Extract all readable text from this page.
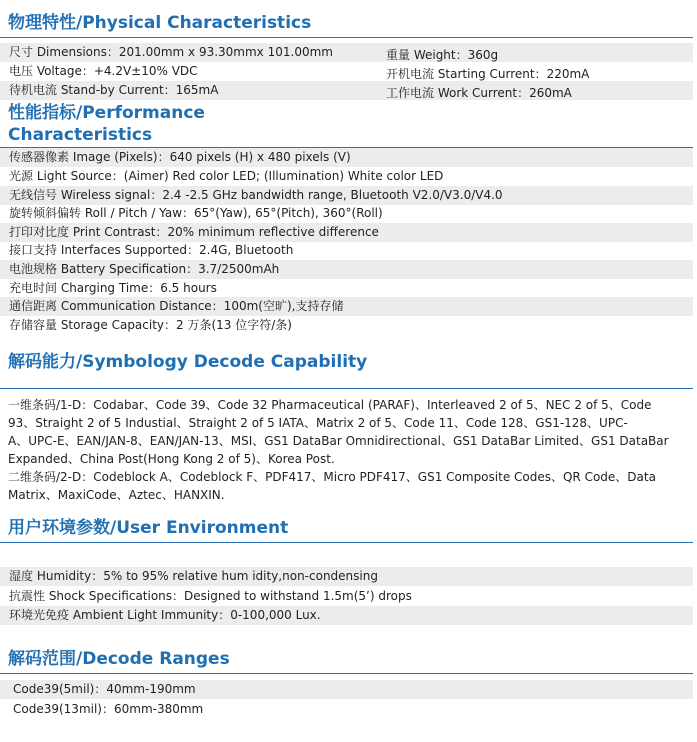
物理特性/Physical Characteristics
尺寸 Dimensions：201.00mm x 93.30mmx 101.00mm
电压 Voltage：+4.2V±10% VDC
待机电流 Stand-by Current：165mA
重量 Weight：360g
开机电流 Starting Current：220mA
工作电流 Work Current：260mA
性能指标/Performance
Characteristics
传感器像素 Image (Pixels)：640 pixels (H) x 480 pixels (V)
光源 Light Source：(Aimer) Red color LED; (Illumination) White color LED
无线信号 Wireless signal：2.4 -2.5 GHz bandwidth range, Bluetooth V2.0/V3.0/V4.0
旋转倾斜偏转 Roll / Pitch / Yaw：65°(Yaw), 65°(Pitch), 360°(Roll)
打印对比度 Print Contrast：20% minimum reflective difference
接口支持 Interfaces Supported：2.4G, Bluetooth
电池规格 Battery Specification：3.7/2500mAh
充电时间 Charging Time：6.5 hours
通信距离 Communication Distance：100m(空旷),支持存储
存储容量 Storage Capacity：2 万条(13 位字符/条)
解码能力/Symbology Decode Capability
一维条码/1-D：Codabar、Code 39、Code 32 Pharmaceutical (PARAF)、Interleaved 2 of 5、NEC 2 of 5、Code
93、Straight 2 of 5 Industial、Straight 2 of 5 IATA、Matrix 2 of 5、Code 11、Code 128、GS1-128、UPC-
A、UPC-E、EAN/JAN-8、EAN/JAN-13、MSI、GS1 DataBar Omnidirectional、GS1 DataBar Limited、GS1 DataBar
Expanded、China Post(Hong Kong 2 of 5)、Korea Post.
二维条码/2-D：Codeblock A、Codeblock F、PDF417、Micro PDF417、GS1 Composite Codes、QR Code、Data
Matrix、MaxiCode、Aztec、HANXIN.
用户环境参数/User Environment
湿度 Humidity：5% to 95% relative hum idity,non-condensing
抗震性 Shock Specifications：Designed to withstand 1.5m(5’) drops
环境光免疫 Ambient Light Immunity：0-100,000 Lux.
解码范围/Decode Ranges
Code39(5mil)：40mm-190mm
Code39(13mil)：60mm-380mm
